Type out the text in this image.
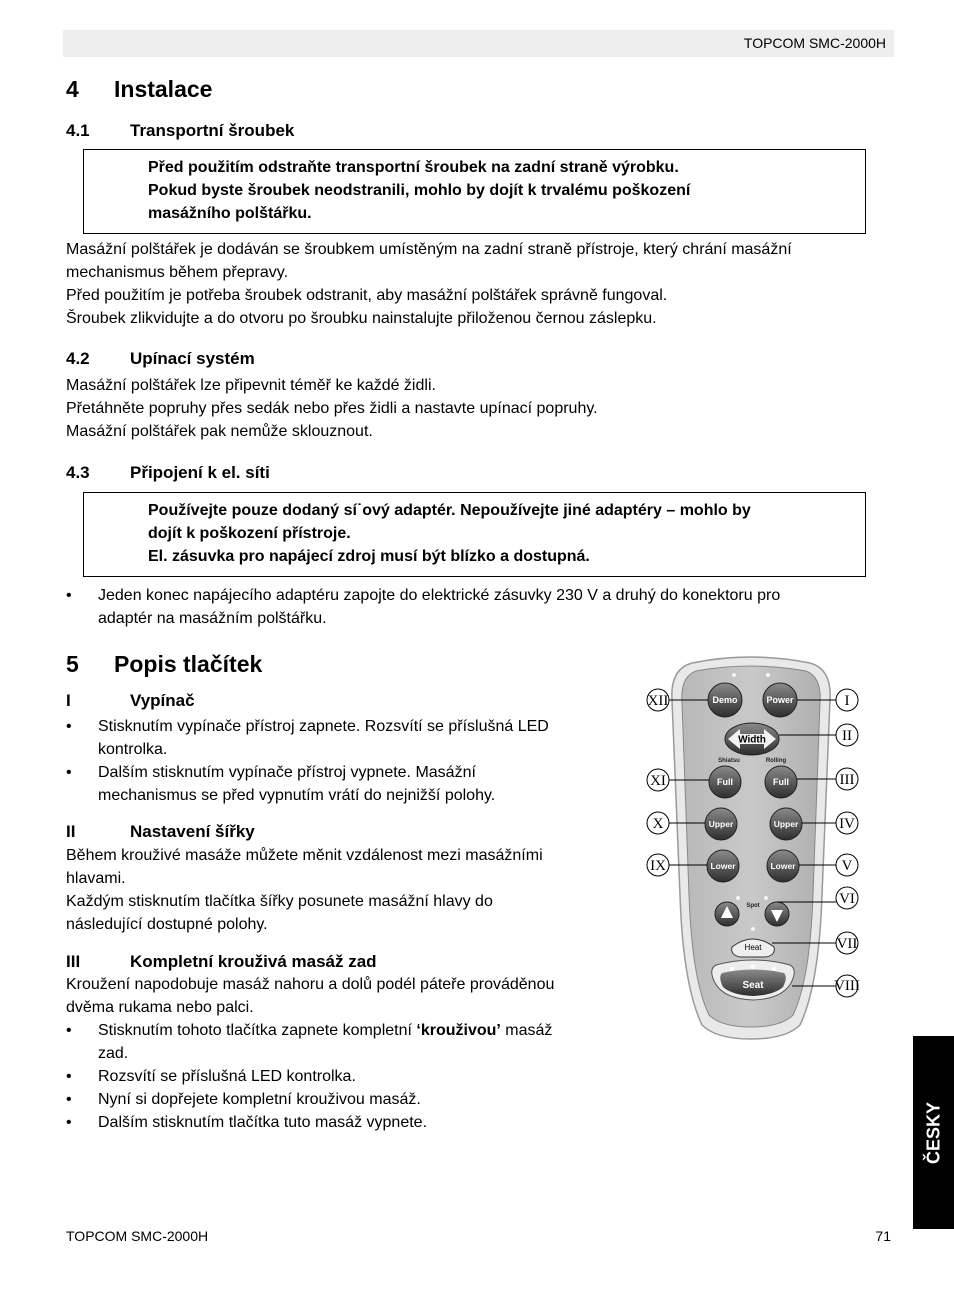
TOPCOM SMC-2000H
4 Instalace
4.1 Transportní šroubek
Před použitím odstraňte transportní šroubek na zadní straně výrobku.
Pokud byste šroubek neodstranili, mohlo by dojít k trvalému poškození
masážního polštářku.
Masážní polštářek je dodáván se šroubkem umístěným na zadní straně přístroje, který chrání masážní
mechanismus během přepravy.
Před použitím je potřeba šroubek odstranit, aby masážní polštářek správně fungoval.
Šroubek zlikvidujte a do otvoru po šroubku nainstalujte přiloženou černou záslepku.
4.2 Upínací systém
Masážní polštářek lze připevnit téměř ke každé židli.
Přetáhněte popruhy přes sedák nebo přes židli a nastavte upínací popruhy.
Masážní polštářek pak nemůže sklouznout.
4.3 Připojení k el. síti
Používejte pouze dodaný sí˙ový adaptér. Nepoužívejte jiné adaptéry – mohlo by
dojít k poškození přístroje.
El. zásuvka pro napájecí zdroj musí být blízko a dostupná.
• Jeden konec napájecího adaptéru zapojte do elektrické zásuvky 230 V a druhý do konektoru pro
adaptér na masážním polštářku.
5 Popis tlačítek
I	Vypínač
• Stisknutím vypínače přístroj zapnete. Rozsvítí se příslušná LED
kontrolka.
• Dalším stisknutím vypínače přístroj vypnete. Masážní
mechanismus se před vypnutím vrátí do nejnižší polohy.
II	Nastavení šířky
Během krouživé masáže můžete měnit vzdálenost mezi masážními
hlavami.
Každým stisknutím tlačítka šířky posunete masážní hlavy do
následující dostupné polohy.
III	Kompletní krouživá masáž zad
Kroužení napodobuje masáž nahoru a dolů podél páteře prováděnou
dvěma rukama nebo palci.
• Stisknutím tohoto tlačítka zapnete kompletní ‘krouživou’ masáž
zad.
• Rozsvítí se příslušná LED kontrolka.
• Nyní si dopřejete kompletní krouživou masáž.
• Dalším stisknutím tlačítka tuto masáž vypnete.
Demo	Power
Width
Shiatsu	Rolling
Full	Full
Upper	Upper
Lower	Lower
Spot
Heat
Seat
XII	I
II
XI	III
X	IV
IX	V
VI
VII
VIII
ČESKY
TOPCOM SMC-2000H	71
